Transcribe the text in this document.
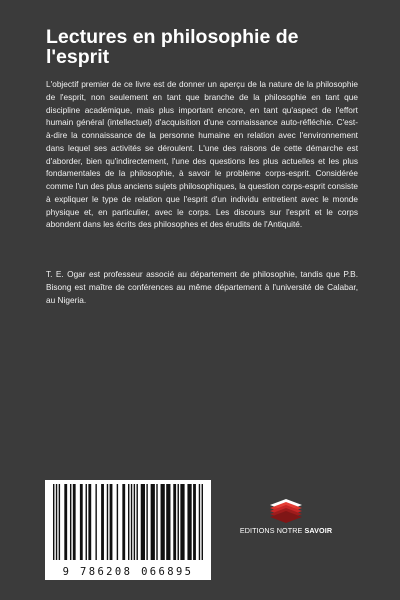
Lectures en philosophie de l'esprit
L'objectif premier de ce livre est de donner un aperçu de la nature de la philosophie de l'esprit, non seulement en tant que branche de la philosophie en tant que discipline académique, mais plus important encore, en tant qu'aspect de l'effort humain général (intellectuel) d'acquisition d'une connaissance auto-réfléchie. C'est-à-dire la connaissance de la personne humaine en relation avec l'environnement dans lequel ses activités se déroulent. L'une des raisons de cette démarche est d'aborder, bien qu'indirectement, l'une des questions les plus actuelles et les plus fondamentales de la philosophie, à savoir le problème corps-esprit. Considérée comme l'un des plus anciens sujets philosophiques, la question corps-esprit consiste à expliquer le type de relation que l'esprit d'un individu entretient avec le monde physique et, en particulier, avec le corps. Les discours sur l'esprit et le corps abondent dans les écrits des philosophes et des érudits de l'Antiquité.
T. E. Ogar est professeur associé au département de philosophie, tandis que P.B. Bisong est maître de conférences au même département à l'université de Calabar, au Nigeria.
9 786208 066895
EDITIONS NOTRE SAVOIR
